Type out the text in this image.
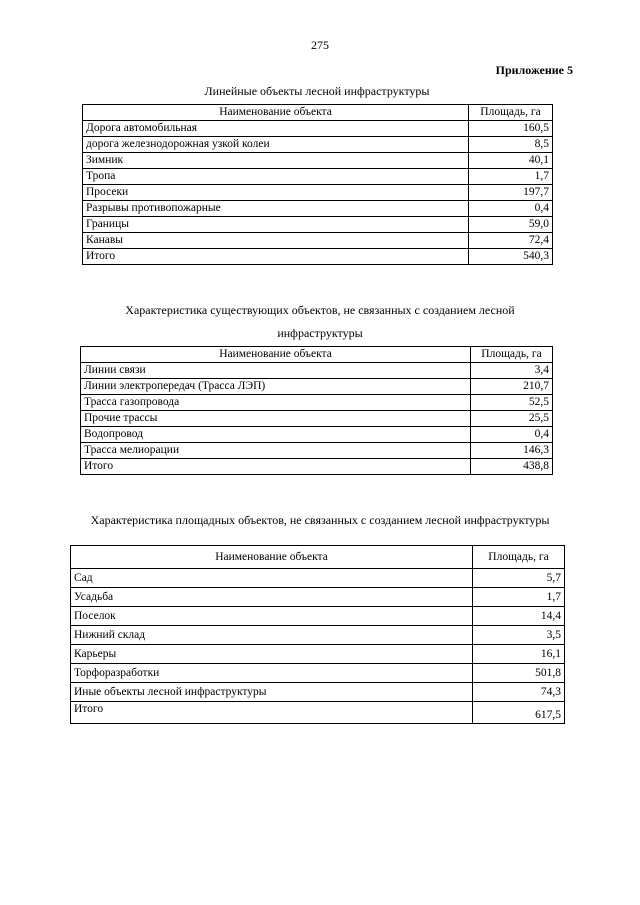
275
Приложение 5
Линейные объекты лесной инфраструктуры
Наименование объекта	Площадь, га
Дорога автомобильная	160,5
дорога железнодорожная узкой колеи	8,5
Зимник	40,1
Тропа	1,7
Просеки	197,7
Разрывы противопожарные	0,4
Границы	59,0
Канавы	72,4
Итого	540,3
Характеристика существующих объектов, не связанных с созданием лесной
инфраструктуры
Наименование объекта	Площадь, га
Линии связи	3,4
Линии электропередач (Трасса ЛЭП)	210,7
Трасса газопровода	52,5
Прочие трассы	25,5
Водопровод	0,4
Трасса мелиорации	146,3
Итого	438,8
Характеристика площадных объектов, не связанных с созданием лесной инфраструктуры
Наименование объекта	Площадь, га
Сад	5,7
Усадьба	1,7
Поселок	14,4
Нижний склад	3,5
Карьеры	16,1
Торфоразработки	501,8
Иные объекты лесной инфраструктуры	74,3
Итого	617,5
